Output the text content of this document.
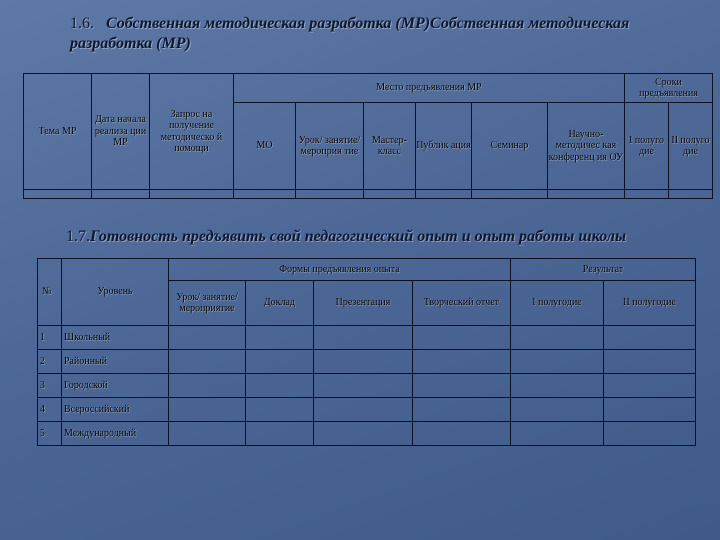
1.6. Собственная методическая разработка (МР)Собственная методическая разработка (МР)
Тема МР	Дата начала реализа ции МР	Запрос на получение методическо й помощи	Место предъявления МР						Сроки предъявления	
			МО	Урок/ занятие/ мероприя тие	Мастер- класс	Публик ация	Семинар	Научно- методичес кая конференц ия ОУ	I полуго дие	II полуго дие

1.7.Готовность предъявить свой педагогический опыт и опыт работы школы
№	Уровень	Формы предъявления опыта				Результат	
		Урок/ занятие/ мероприятие	Доклад	Презентация	Творческий отчет	I полугодие	II полугодие

1	Школьный						
2	Районный						
3	Городской						
4	Всероссийский						
5	Международный						
